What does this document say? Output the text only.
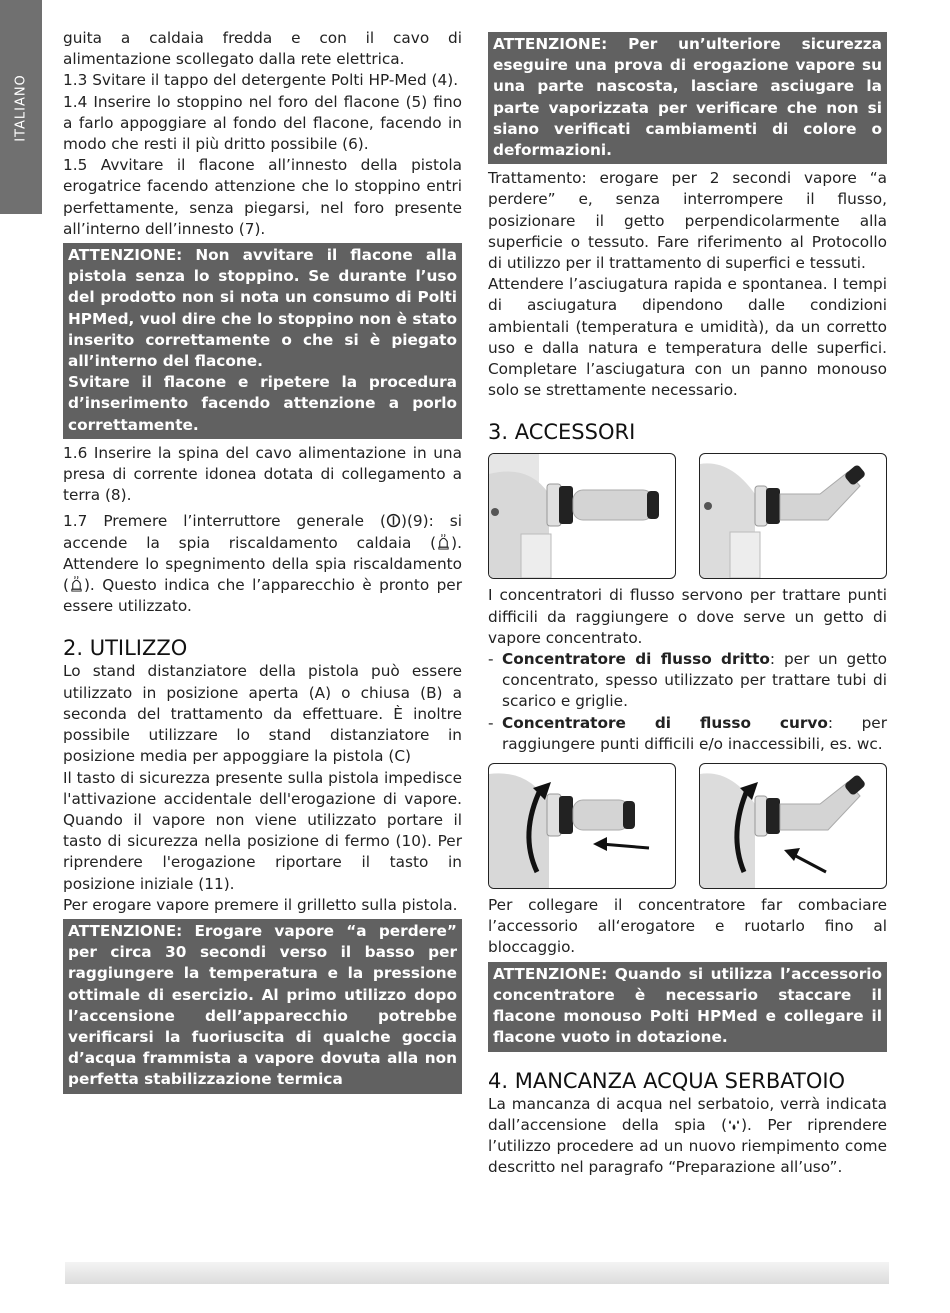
ITALIANO

guita a caldaia fredda e con il cavo di alimentazione scollegato dalla rete elettrica.

1.3 Svitare il tappo del detergente Polti HP-Med (4).

1.4 Inserire lo stoppino nel foro del flacone (5) fino a farlo appoggiare al fondo del flacone, facendo in modo che resti il più dritto possibile (6).

1.5 Avvitare il flacone all’innesto della pistola erogatrice facendo attenzione che lo stoppino entri perfettamente, senza piegarsi, nel foro presente all’interno dell’innesto (7).

ATTENZIONE: Non avvitare il flacone alla pistola senza lo stoppino. Se durante l’uso del prodotto non si nota un consumo di Polti HPMed, vuol dire che lo stoppino non è stato inserito correttamente o che si è piegato all’interno del flacone.

Svitare il flacone e ripetere la procedura d’inserimento facendo attenzione a porlo correttamente.

1.6 Inserire la spina del cavo alimentazione in una presa di corrente idonea dotata di collegamento a terra (8).

1.7 Premere l’interruttore generale ( )(9): si accende la spia riscaldamento caldaia ( ). Attendere lo spegnimento della spia riscaldamento ( ). Questo indica che l’apparecchio è pronto per essere utilizzato.

2. UTILIZZO

Lo stand distanziatore della pistola può essere utilizzato in posizione aperta (A) o chiusa (B) a seconda del trattamento da effettuare. È inoltre possibile utilizzare lo stand distanziatore in posizione media per appoggiare la pistola (C)

Il tasto di sicurezza presente sulla pistola impedisce l'attivazione accidentale dell'erogazione di vapore. Quando il vapore non viene utilizzato portare il tasto di sicurezza nella posizione di fermo (10). Per riprendere l'erogazione riportare il tasto in posizione iniziale (11).

Per erogare vapore premere il grilletto sulla pistola.

ATTENZIONE: Erogare vapore “a perdere” per circa 30 secondi verso il basso per raggiungere la temperatura e la pressione ottimale di esercizio. Al primo utilizzo dopo l’accensione dell’apparecchio potrebbe verificarsi la fuoriuscita di qualche goccia d’acqua frammista a vapore dovuta alla non perfetta stabilizzazione termica

ATTENZIONE: Per un’ulteriore sicurezza eseguire una prova di erogazione vapore su una parte nascosta, lasciare asciugare la parte vaporizzata per verificare che non si siano verificati cambiamenti di colore o deformazioni.

Trattamento: erogare per 2 secondi vapore “a perdere” e, senza interrompere il flusso, posizionare il getto perpendicolarmente alla superficie o tessuto. Fare riferimento al Protocollo di utilizzo per il trattamento di superfici e tessuti.

Attendere l’asciugatura rapida e spontanea. I tempi di asciugatura dipendono dalle condizioni ambientali (temperatura e umidità), da un corretto uso e dalla natura e temperatura delle superfici. Completare l’asciugatura con un panno monouso solo se strettamente necessario.

3. ACCESSORI

I concentratori di flusso servono per trattare punti difficili da raggiungere o dove serve un getto di vapore concentrato.

- Concentratore di flusso dritto: per un getto concentrato, spesso utilizzato per trattare tubi di scarico e griglie.
- Concentratore di flusso curvo: per raggiungere punti difficili e/o inaccessibili, es. wc.

Per collegare il concentratore far combaciare l’accessorio all‘erogatore e ruotarlo fino al bloccaggio.

ATTENZIONE: Quando si utilizza l’accessorio concentratore è necessario staccare il flacone monouso Polti HPMed e collegare il flacone vuoto in dotazione.

4. MANCANZA ACQUA SERBATOIO

La mancanza di acqua nel serbatoio, verrà indicata dall’accensione della spia ( ). Per riprendere l’utilizzo procedere ad un nuovo riempimento come descritto nel paragrafo “Preparazione all’uso”.
